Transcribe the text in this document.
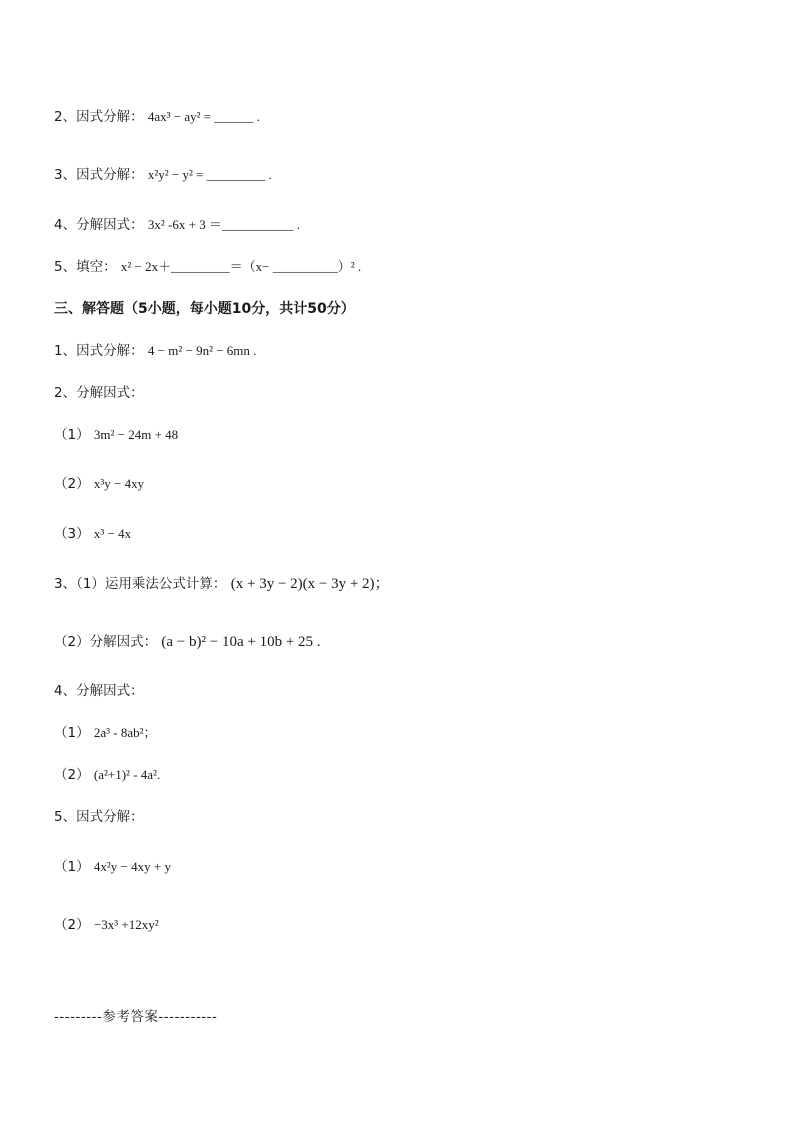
2、因式分解： 4ax³ − ay² = ______ .
3、因式分解： x²y² − y² = _________ .
4、分解因式： 3x² -6x + 3 ＝___________ .
5、填空： x² − 2x＋_________＝（x− __________）² .
三、解答题（5小题，每小题10分，共计50分）
1、因式分解： 4 − m² − 9n² − 6mn .
2、分解因式：
（1） 3m² − 24m + 48
（2） x³y − 4xy
（3） x³ − 4x
3、（1）运用乘法公式计算： (x + 3y − 2)(x − 3y + 2)；
（2）分解因式： (a − b)² − 10a + 10b + 25 .
4、分解因式：
（1） 2a³ - 8ab²；
（2） (a²+1)² - 4a².
5、因式分解：
（1） 4x²y − 4xy + y
（2） −3x³ +12xy²
---------参考答案-----------
